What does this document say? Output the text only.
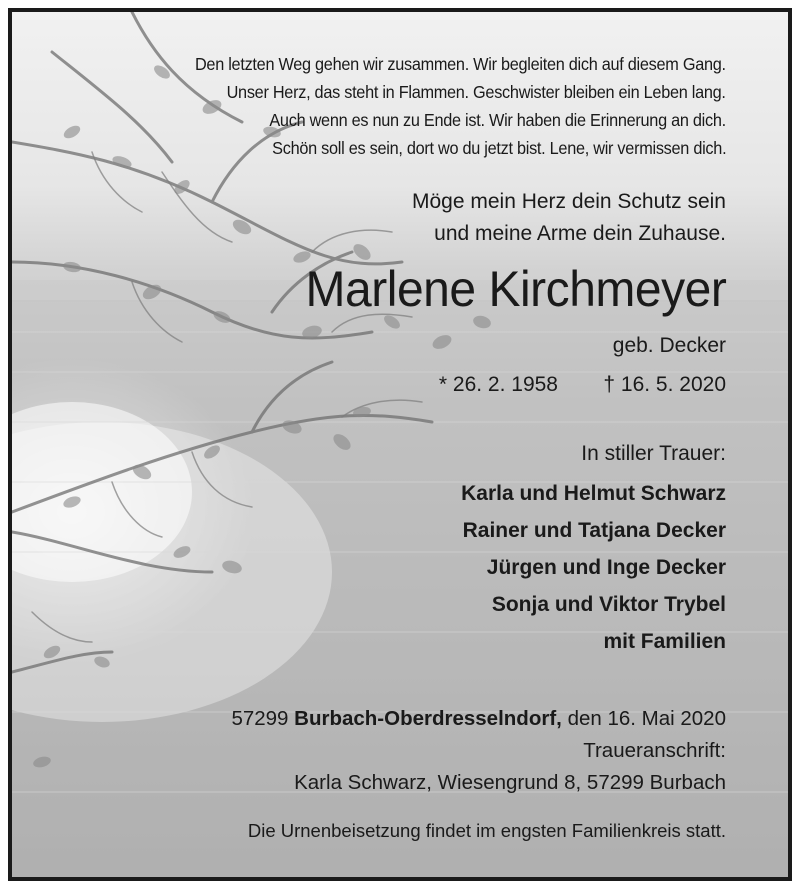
Den letzten Weg gehen wir zusammen. Wir begleiten dich auf diesem Gang.
Unser Herz, das steht in Flammen. Geschwister bleiben ein Leben lang.
Auch wenn es nun zu Ende ist. Wir haben die Erinnerung an dich.
Schön soll es sein, dort wo du jetzt bist. Lene, wir vermissen dich.
Möge mein Herz dein Schutz sein
und meine Arme dein Zuhause.
Marlene Kirchmeyer
geb. Decker
* 26. 2. 1958 † 16. 5. 2020
In stiller Trauer:
Karla und Helmut Schwarz
Rainer und Tatjana Decker
Jürgen und Inge Decker
Sonja und Viktor Trybel
mit Familien
57299 Burbach-Oberdresselndorf, den 16. Mai 2020
Traueranschrift:
Karla Schwarz, Wiesengrund 8, 57299 Burbach
Die Urnenbeisetzung findet im engsten Familienkreis statt.
